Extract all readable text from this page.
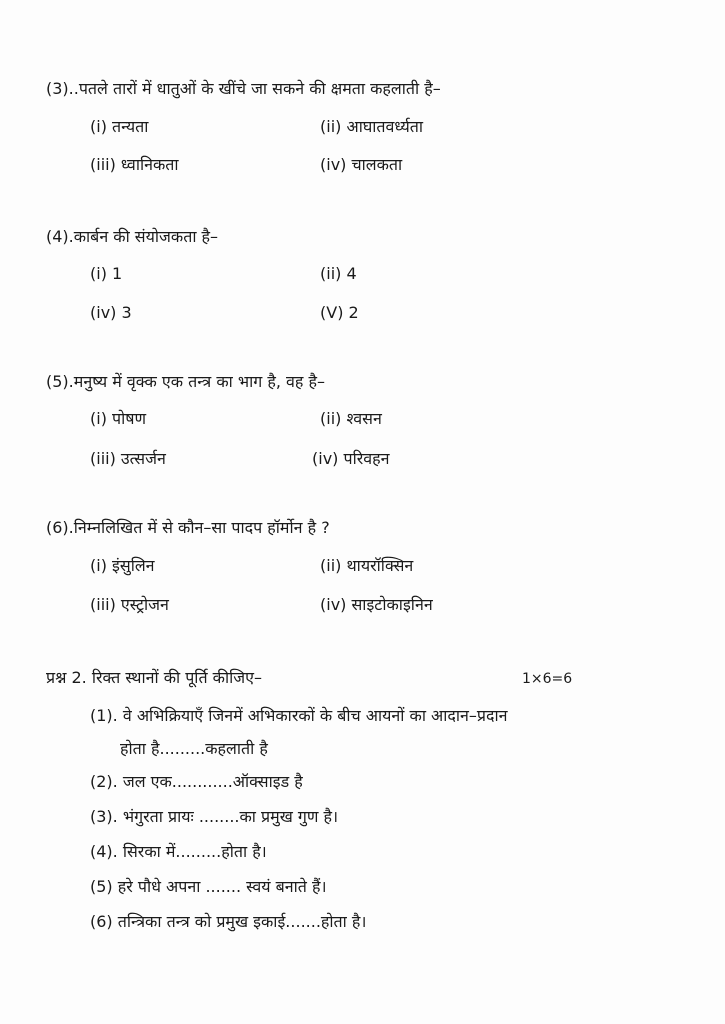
(3)..पतले तारों में धातुओं के खींचे जा सकने की क्षमता कहलाती है–
(i) तन्यता	(ii) आघातवर्ध्यता
(iii) ध्वानिकता	(iv) चालकता
(4).कार्बन की संयोजकता है–
(i) 1	(ii) 4
(iv) 3	(V) 2
(5).मनुष्य में वृक्क एक तन्त्र का भाग है, वह है–
(i) पोषण	(ii) श्वसन
(iii) उत्सर्जन	(iv) परिवहन
(6).निम्नलिखित में से कौन–सा पादप हॉर्मोन है ?
(i) इंसुलिन	(ii) थायरॉक्सिन
(iii) एस्ट्रोजन	(iv) साइटोकाइनिन
प्रश्न 2. रिक्त स्थानों की पूर्ति कीजिए–	1×6=6
(1). वे अभिक्रियाएँ जिनमें अभिकारकों के बीच आयनों का आदान–प्रदान
होता है.........कहलाती है
(2). जल एक............ऑक्साइड है
(3). भंगुरता प्रायः ........का प्रमुख गुण है।
(4). सिरका में.........होता है।
(5) हरे पौधे अपना ....... स्वयं बनाते हैं।
(6) तन्त्रिका तन्त्र को प्रमुख इकाई.......होता है।
